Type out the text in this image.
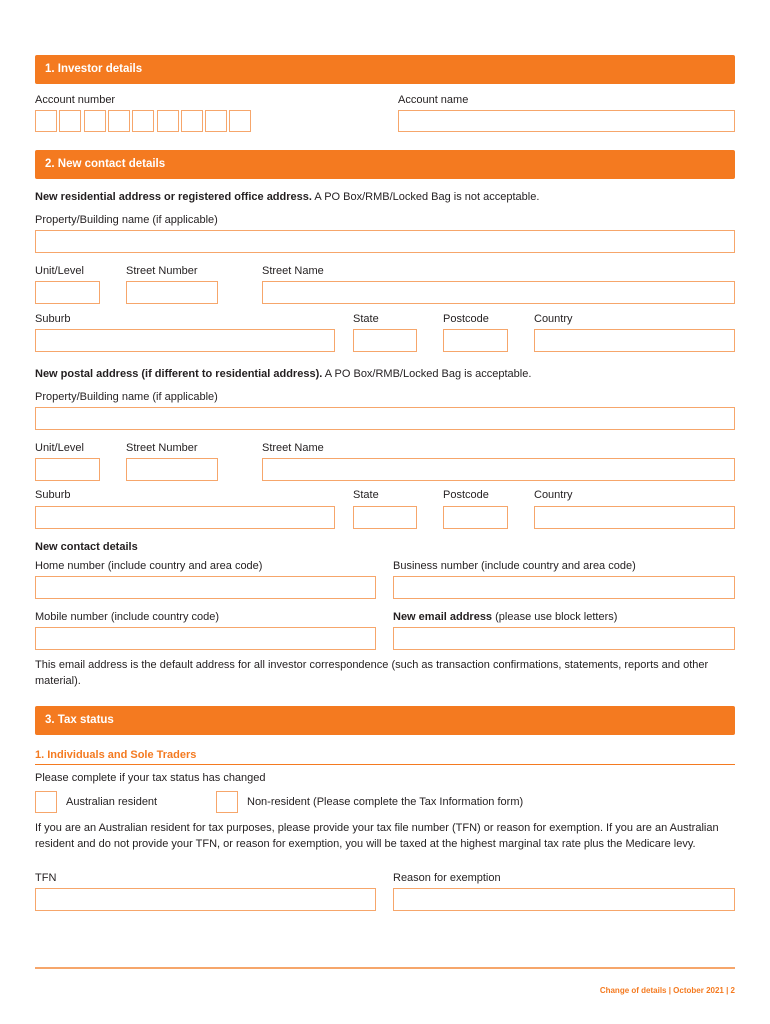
1. Investor details
Account number	Account name
2. New contact details
New residential address or registered office address. A PO Box/RMB/Locked Bag is not acceptable.
Property/Building name (if applicable)
Unit/Level	Street Number	Street Name
Suburb	State	Postcode	Country
New postal address (if different to residential address). A PO Box/RMB/Locked Bag is acceptable.
Property/Building name (if applicable)
Unit/Level	Street Number	Street Name
Suburb	State	Postcode	Country
New contact details
Home number (include country and area code)	Business number (include country and area code)
Mobile number (include country code)	New email address (please use block letters)
This email address is the default address for all investor correspondence (such as transaction confirmations, statements, reports and other material).
3. Tax status
1. Individuals and Sole Traders
Please complete if your tax status has changed
Australian resident	Non-resident (Please complete the Tax Information form)
If you are an Australian resident for tax purposes, please provide your tax file number (TFN) or reason for exemption. If you are an Australian resident and do not provide your TFN, or reason for exemption, you will be taxed at the highest marginal tax rate plus the Medicare levy.
TFN	Reason for exemption
Change of details | October 2021 | 2
